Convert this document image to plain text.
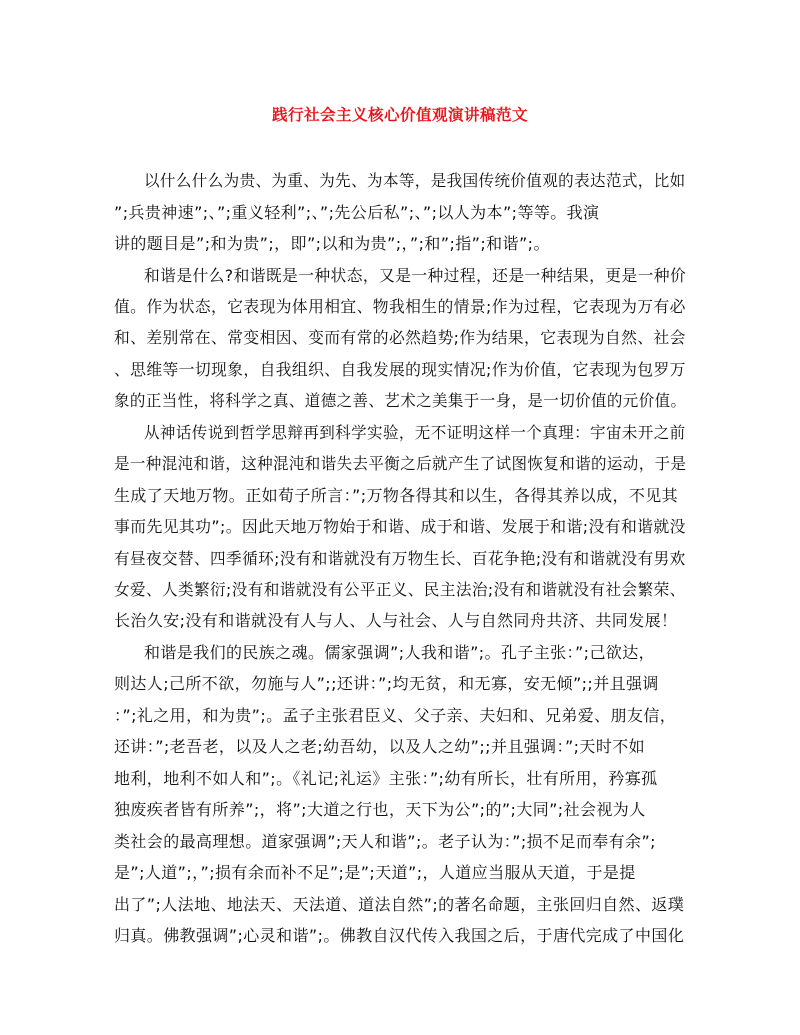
践行社会主义核心价值观演讲稿范文
以什么什么为贵、为重、为先、为本等，是我国传统价值观的表达范式，比如
”;兵贵神速”;、”;重义轻利”;、”;先公后私”;、”;以人为本”;等等。我演
讲的题目是”;和为贵”;，即”;以和为贵”;，”;和”;指”;和谐”;。
和谐是什么?和谐既是一种状态，又是一种过程，还是一种结果，更是一种价
值。作为状态，它表现为体用相宜、物我相生的情景;作为过程，它表现为万有必
和、差别常在、常变相因、变而有常的必然趋势;作为结果，它表现为自然、社会
、思维等一切现象，自我组织、自我发展的现实情况;作为价值，它表现为包罗万
象的正当性，将科学之真、道德之善、艺术之美集于一身，是一切价值的元价值。
从神话传说到哲学思辩再到科学实验，无不证明这样一个真理：宇宙未开之前
是一种混沌和谐，这种混沌和谐失去平衡之后就产生了试图恢复和谐的运动，于是
生成了天地万物。正如荀子所言：”;万物各得其和以生，各得其养以成，不见其
事而先见其功”;。因此天地万物始于和谐、成于和谐、发展于和谐;没有和谐就没
有昼夜交替、四季循环;没有和谐就没有万物生长、百花争艳;没有和谐就没有男欢
女爱、人类繁衍;没有和谐就没有公平正义、民主法治;没有和谐就没有社会繁荣、
长治久安;没有和谐就没有人与人、人与社会、人与自然同舟共济、共同发展！
和谐是我们的民族之魂。儒家强调”;人我和谐”;。孔子主张：”;己欲达，
则达人;己所不欲，勿施与人”;;还讲：”;均无贫，和无寡，安无倾”;;并且强调
：”;礼之用，和为贵”;。孟子主张君臣义、父子亲、夫妇和、兄弟爱、朋友信，
还讲：”;老吾老，以及人之老;幼吾幼，以及人之幼”;;并且强调：”;天时不如
地利，地利不如人和”;。《礼记;礼运》主张：”;幼有所长，壮有所用，矜寡孤
独废疾者皆有所养”;，将”;大道之行也，天下为公”;的”;大同”;社会视为人
类社会的最高理想。道家强调”;天人和谐”;。老子认为：”;损不足而奉有余”;
是”;人道”;，”;损有余而补不足”;是”;天道”;，人道应当服从天道，于是提
出了”;人法地、地法天、天法道、道法自然”;的著名命题，主张回归自然、返璞
归真。佛教强调”;心灵和谐”;。佛教自汉代传入我国之后，于唐代完成了中国化
